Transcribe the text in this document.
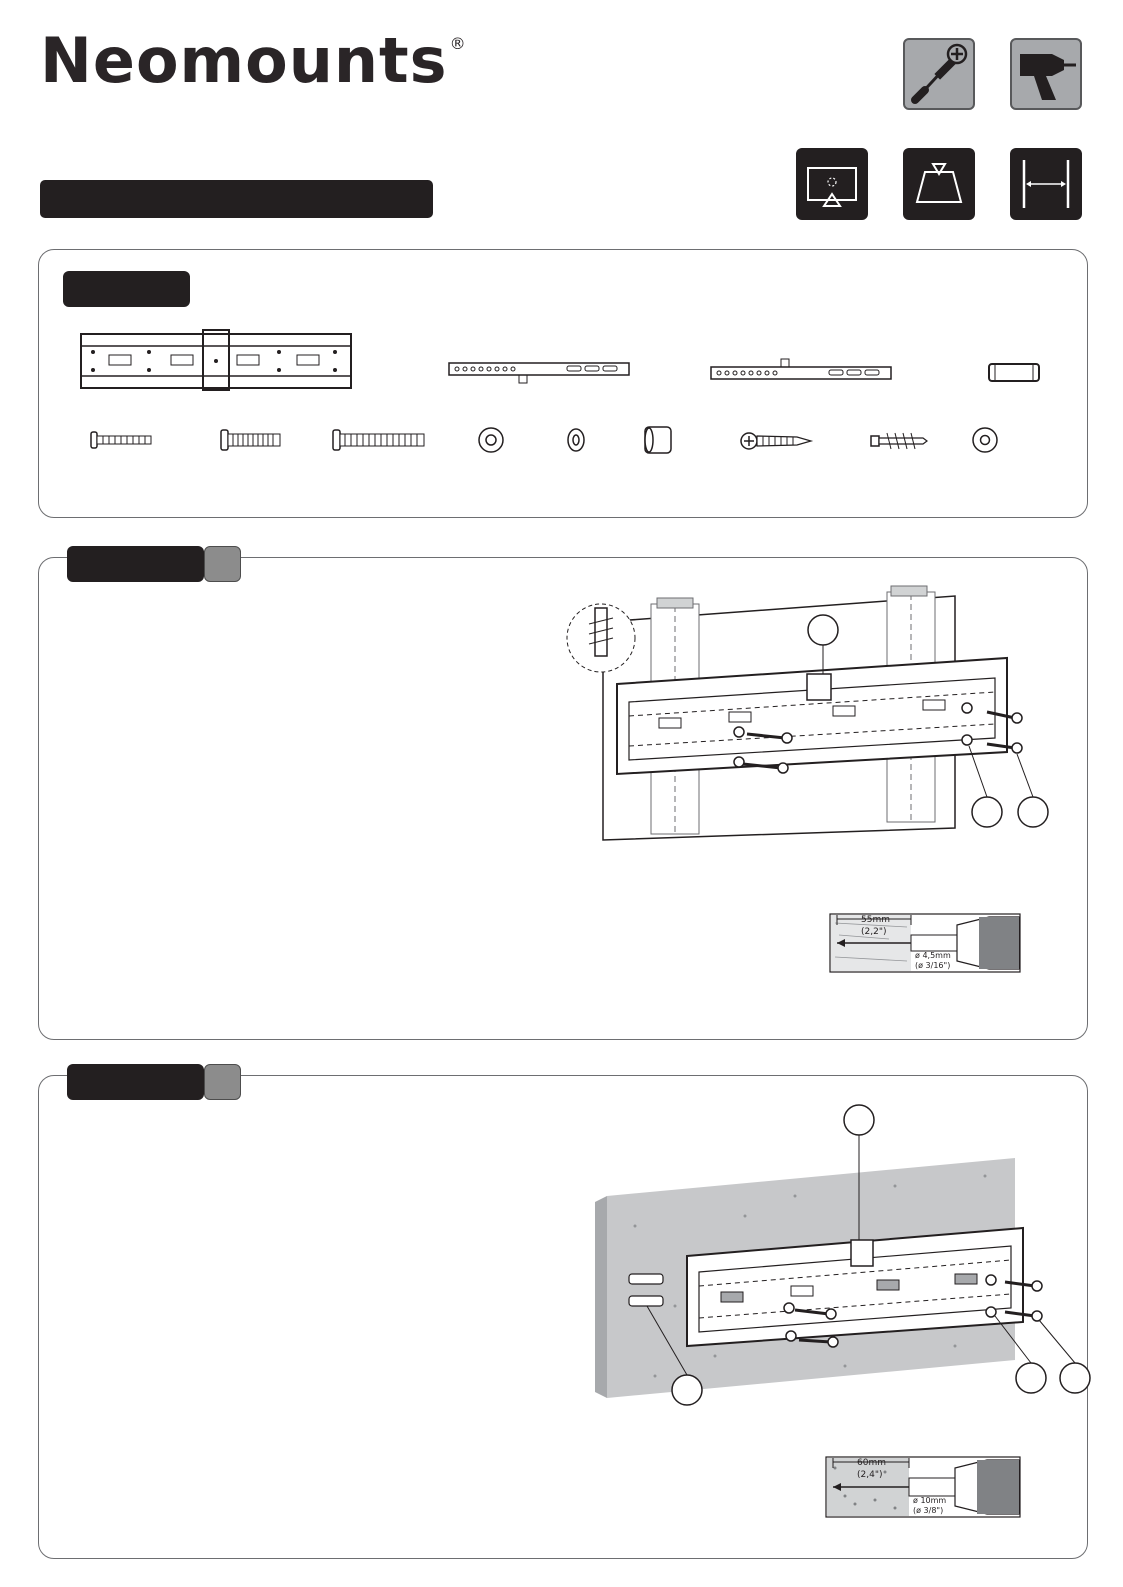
Neomounts ®
55mm
(2,2")
ø 4,5mm
(ø 3/16")
60mm
(2,4")
ø 10mm
(ø 3/8")
